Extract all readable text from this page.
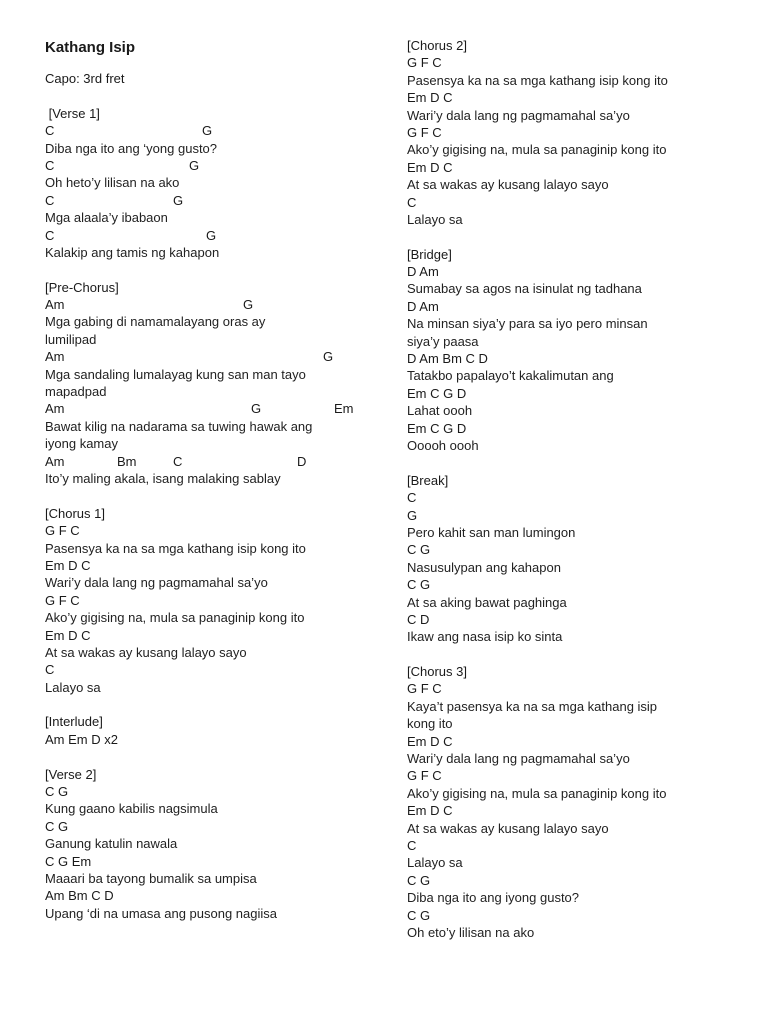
Kathang Isip
Capo: 3rd fret
[Verse 1]
C	G
Diba nga ito ang ‘yong gusto?
C	G
Oh heto’y lilisan na ako
C	G
Mga alaala’y ibabaon
C	G
Kalakip ang tamis ng kahapon
[Pre-Chorus]
Am	G
Mga gabing di namamalayang oras ay
lumilipad
Am	G
Mga sandaling lumalayag kung san man tayo
mapadpad
Am	G	Em
Bawat kilig na nadarama sa tuwing hawak ang
iyong kamay
Am	Bm	C	D
Ito’y maling akala, isang malaking sablay
[Chorus 1]
G F C
Pasensya ka na sa mga kathang isip kong ito
Em D C
Wari’y dala lang ng pagmamahal sa’yo
G F C
Ako’y gigising na, mula sa panaginip kong ito
Em D C
At sa wakas ay kusang lalayo sayo
C
Lalayo sa
[Interlude]
Am Em D x2
[Verse 2]
C G
Kung gaano kabilis nagsimula
C G
Ganung katulin nawala
C G Em
Maaari ba tayong bumalik sa umpisa
Am Bm C D
Upang ‘di na umasa ang pusong nagiisa
[Chorus 2]
G F C
Pasensya ka na sa mga kathang isip kong ito
Em D C
Wari’y dala lang ng pagmamahal sa’yo
G F C
Ako’y gigising na, mula sa panaginip kong ito
Em D C
At sa wakas ay kusang lalayo sayo
C
Lalayo sa
[Bridge]
D Am
Sumabay sa agos na isinulat ng tadhana
D Am
Na minsan siya’y para sa iyo pero minsan
siya’y paasa
D Am Bm C D
Tatakbo papalayo’t kakalimutan ang
Em C G D
Lahat oooh
Em C G D
Ooooh oooh
[Break]
C
G
Pero kahit san man lumingon
C G
Nasusulypan ang kahapon
C G
At sa aking bawat paghinga
C D
Ikaw ang nasa isip ko sinta
[Chorus 3]
G F C
Kaya’t pasensya ka na sa mga kathang isip
kong ito
Em D C
Wari’y dala lang ng pagmamahal sa’yo
G F C
Ako’y gigising na, mula sa panaginip kong ito
Em D C
At sa wakas ay kusang lalayo sayo
C
Lalayo sa
C G
Diba nga ito ang iyong gusto?
C G
Oh eto’y lilisan na ako
